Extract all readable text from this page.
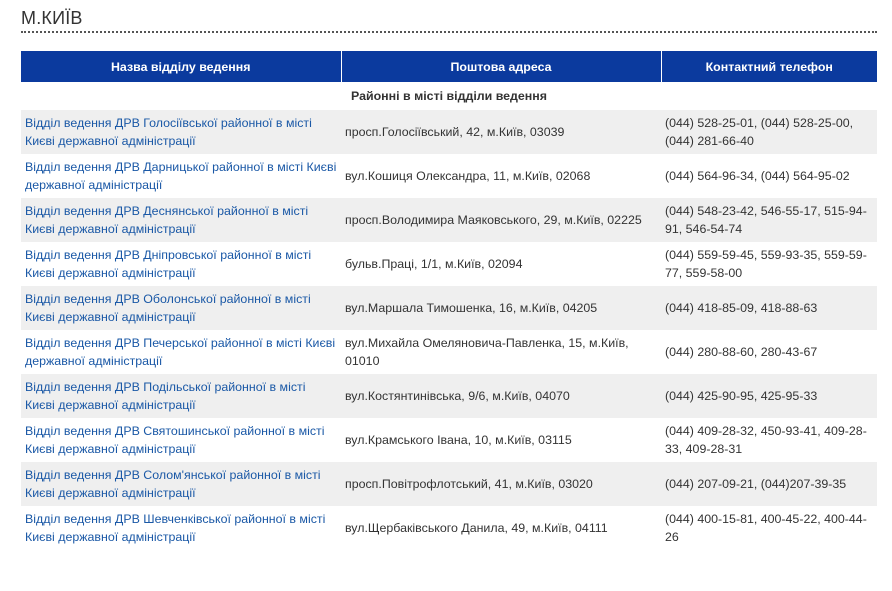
М.КИЇВ
Назва відділу ведення	Поштова адреса	Контактний телефон
Районні в місті відділи ведення		
Відділ ведення ДРВ Голосіївської районної в місті Києві державної адміністрації	просп.Голосіївський, 42, м.Київ, 03039	(044) 528-25-01, (044) 528-25-00, (044) 281-66-40
Відділ ведення ДРВ Дарницької районної в місті Києві державної адміністрації	вул.Кошиця Олександра, 11, м.Київ, 02068	(044) 564-96-34, (044) 564-95-02
Відділ ведення ДРВ Деснянської районної в місті Києві державної адміністрації	просп.Володимира Маяковського, 29, м.Київ, 02225	(044) 548-23-42, 546-55-17, 515-94-91, 546-54-74
Відділ ведення ДРВ Дніпровської районної в місті Києві державної адміністрації	бульв.Праці, 1/1, м.Київ, 02094	(044) 559-59-45, 559-93-35, 559-59-77, 559-58-00
Відділ ведення ДРВ Оболонської районної в місті Києві державної адміністрації	вул.Маршала Тимошенка, 16, м.Київ, 04205	(044) 418-85-09, 418-88-63
Відділ ведення ДРВ Печерської районної в місті Києві державної адміністрації	вул.Михайла Омеляновича-Павленка, 15, м.Київ, 01010	(044) 280-88-60, 280-43-67
Відділ ведення ДРВ Подільської районної в місті Києві державної адміністрації	вул.Костянтинівська, 9/6, м.Київ, 04070	(044) 425-90-95, 425-95-33
Відділ ведення ДРВ Святошинської районної в місті Києві державної адміністрації	вул.Крамського Івана, 10, м.Київ, 03115	(044) 409-28-32, 450-93-41, 409-28-33, 409-28-31
Відділ ведення ДРВ Солом'янської районної в місті Києві державної адміністрації	просп.Повітрофлотський, 41, м.Київ, 03020	(044) 207-09-21, (044)207-39-35
Відділ ведення ДРВ Шевченківської районної в місті Києві державної адміністрації	вул.Щербаківського Данила, 49, м.Київ, 04111	(044) 400-15-81, 400-45-22, 400-44-26
